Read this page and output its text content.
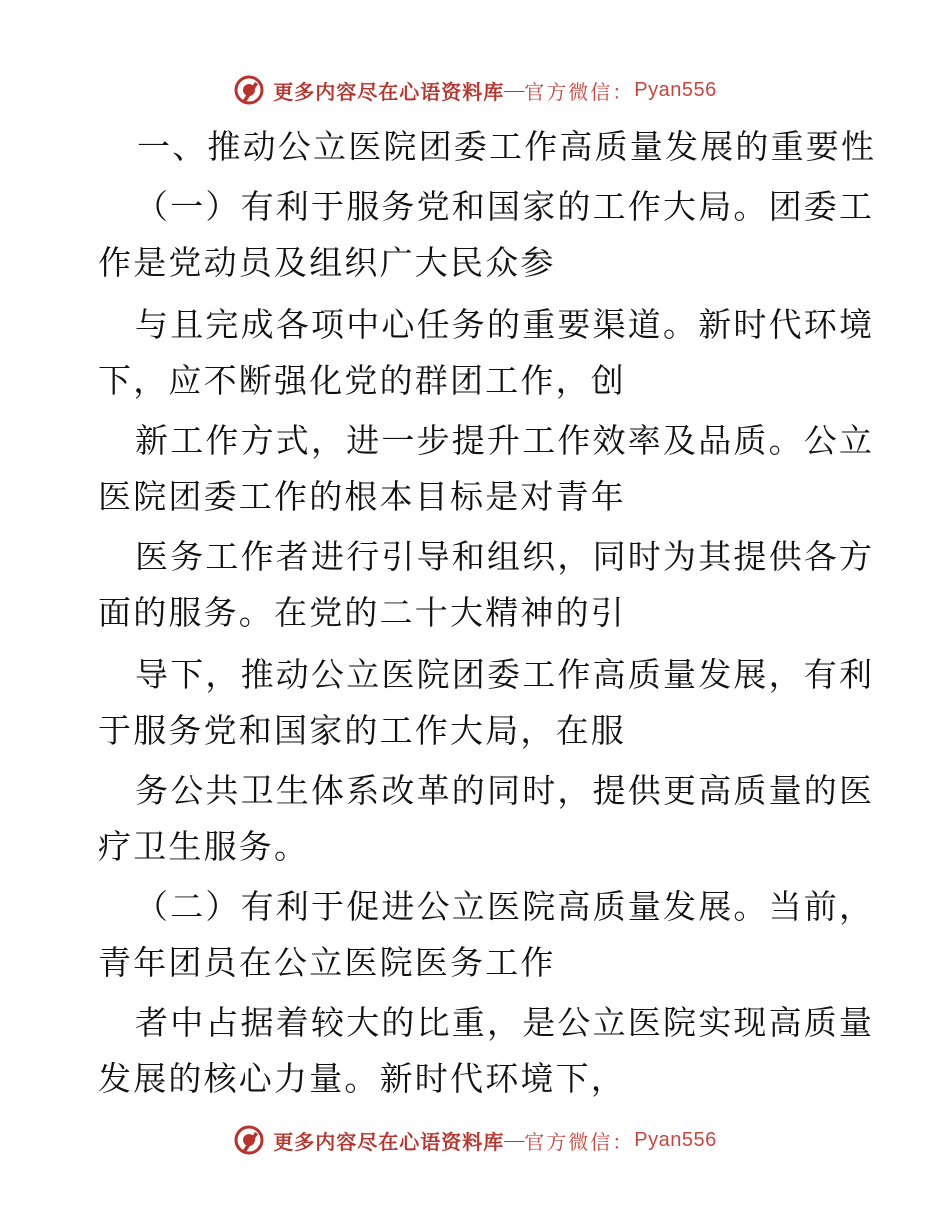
更多内容尽在心语资料库 — 官方微信： Pyan556
一、推动公立医院团委工作高质量发展的重要性
（一）有利于服务党和国家的工作大局。团委工
作是党动员及组织广大民众参
与且完成各项中心任务的重要渠道。新时代环境
下，应不断强化党的群团工作，创
新工作方式，进一步提升工作效率及品质。公立
医院团委工作的根本目标是对青年
医务工作者进行引导和组织，同时为其提供各方
面的服务。在党的二十大精神的引
导下，推动公立医院团委工作高质量发展，有利
于服务党和国家的工作大局，在服
务公共卫生体系改革的同时，提供更高质量的医
疗卫生服务。
（二）有利于促进公立医院高质量发展。当前，
青年团员在公立医院医务工作
者中占据着较大的比重，是公立医院实现高质量
发展的核心力量。新时代环境下，
更多内容尽在心语资料库 — 官方微信： Pyan556
